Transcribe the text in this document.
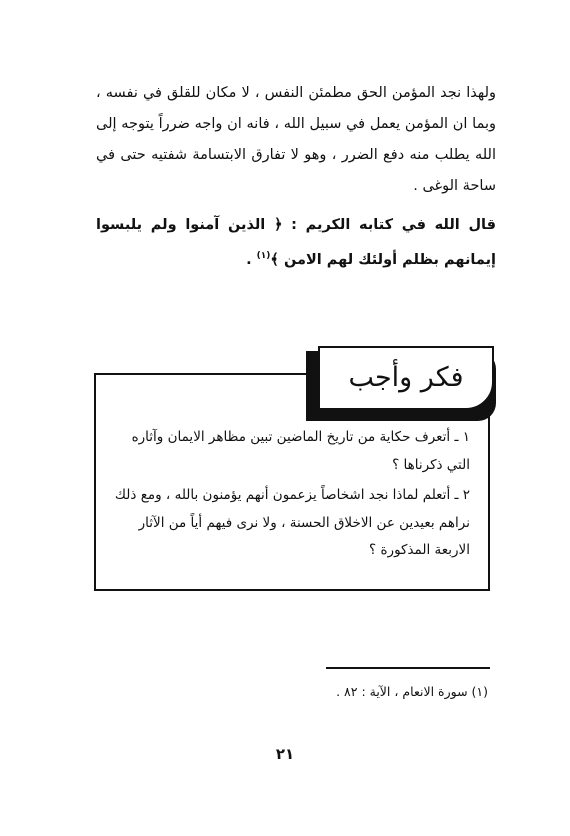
ولهذا نجد المؤمن الحق مطمئن النفس ، لا مكان للقلق في نفسه ، وبما ان المؤمن يعمل في سبيل الله ، فانه ان واجه ضرراً يتوجه إلى الله يطلب منه دفع الضرر ، وهو لا تفارق الابتسامة شفتيه حتى في ساحة الوغى .

قال الله في كتابه الكريم : ﴿ الذين آمنوا ولم يلبسوا إيمانهم بظلم أولئك لهم الامن ﴾$^{(١)}$ .

فكر وأجب
١ ـ أتعرف حكاية من تاريخ الماضين تبين مظاهر الايمان وآثاره التي ذكرناها ؟
٢ ـ أتعلم لماذا نجد اشخاصاً يزعمون أنهم يؤمنون بالله ، ومع ذلك نراهم بعيدين عن الاخلاق الحسنة ، ولا نرى فيهم أياً من الآثار الاربعة المذكورة ؟
(١) سورة الانعام ، الآية : ٨٢ .
٢١
